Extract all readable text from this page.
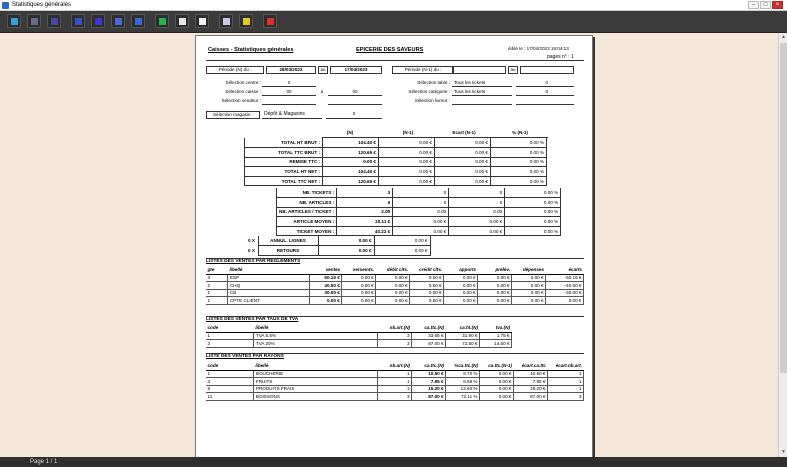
Statistiques générales	–	□	×
Caisses - Statistiques générales	EPICERIE DES SAVEURS	édité le : 17/04/2023 16:04:13
pages n° : 1
Période (N) du :	28/03/2023	au	17/04/2023	Période (N-1) du :	au
Sélection centre :	0
Sélection caisse :	00	à	00
Sélection vendeur :
Sélection table : Tous les tickets	0
Sélection catégorie : Tous les tickets	0
Sélection livreur :
Sélection magasin :	Dépôt & Magasins	0
(N)	(N-1)	Ecart (N-1)	% (N-1)
TOTAL HT BRUT :	104.40 €	0.00 €	0.00 €	0.00 %
TOTAL TTC BRUT :	120.65 €	0.00 €	0.00 €	0.00 %
REMISE TTC :	0.00 €	0.00 €	0.00 €	0.00 %
TOTAL HT NET :	104.40 €	0.00 €	0.00 €	0.00 %
TOTAL TTC NET :	120.65 €	0.00 €	0.00 €	0.00 %
NB. TICKETS :	3	0	0	0.00 %
NB. ARTICLES :	6	0	0	0.00 %
NB. ARTICLES / TICKET :	2.00	0.00	0.00	0.00 %
ARTICLE MOYEN :	20.11 €	0.00 €	0.00 €	0.00 %
TICKET MOYEN :	40.22 €	0.00 €	0.00 €	0.00 %
0 X	ANNUL. LIGNES	0.00 €	0.00 €
0 X	RETOURS	0.00 €	0.00 €
LISTES DES VENTES PAR REGLEMENTS
gte	libellé	ventes	versemts.	débit clts.	crédit clts.	apports	prélèv.	dépenses	écarts
3	ESP	50.15 €	0.00 €	0.00 €	0.00 €	0.00 €	0.00 €	0.00 €	-50.15 €
2	CHQ	40.50 €	0.00 €	0.00 €	0.00 €	0.00 €	0.00 €	0.00 €	-40.50 €
1	CB	30.00 €	0.00 €	0.00 €	0.00 €	0.00 €	0.00 €	0.00 €	-30.00 €
1	CPTE CLIENT	0.00 €	0.00 €	0.00 €	0.00 €	0.00 €	0.00 €	0.00 €	0.00 €
LISTES DES VENTES PAR TAUX DE TVA
code	libellé	nb.art.(N)	ca.ttc.(N)	ca.ht.(N)	tva.(N)
1	TVA 5.5%	3	33.65 €	31.90 €	1.75 €
3	TVA 20%	3	87.00 €	72.50 €	14.50 €
LISTE DES VENTES PAR RAYONS
code	libellé	nb.art.(N)	ca.ttc.(N)	%ca.ttc.(N)	ca.ttc.(N-1)	écart.ca.ttc	écart.nb.art.
1	BOUCHERIE	1	10.50 €	8.70 %	0.00 €	10.50 €	1
3	FRUITS	1	7.95 €	6.59 %	0.00 €	7.95 €	1
8	PRODUITS FRAIS	1	15.20 €	12.60 %	0.00 €	15.20 €	1
11	BOISSONS	3	87.00 €	72.11 %	0.00 €	87.00 €	3
▲
▼
Page 1 / 1
